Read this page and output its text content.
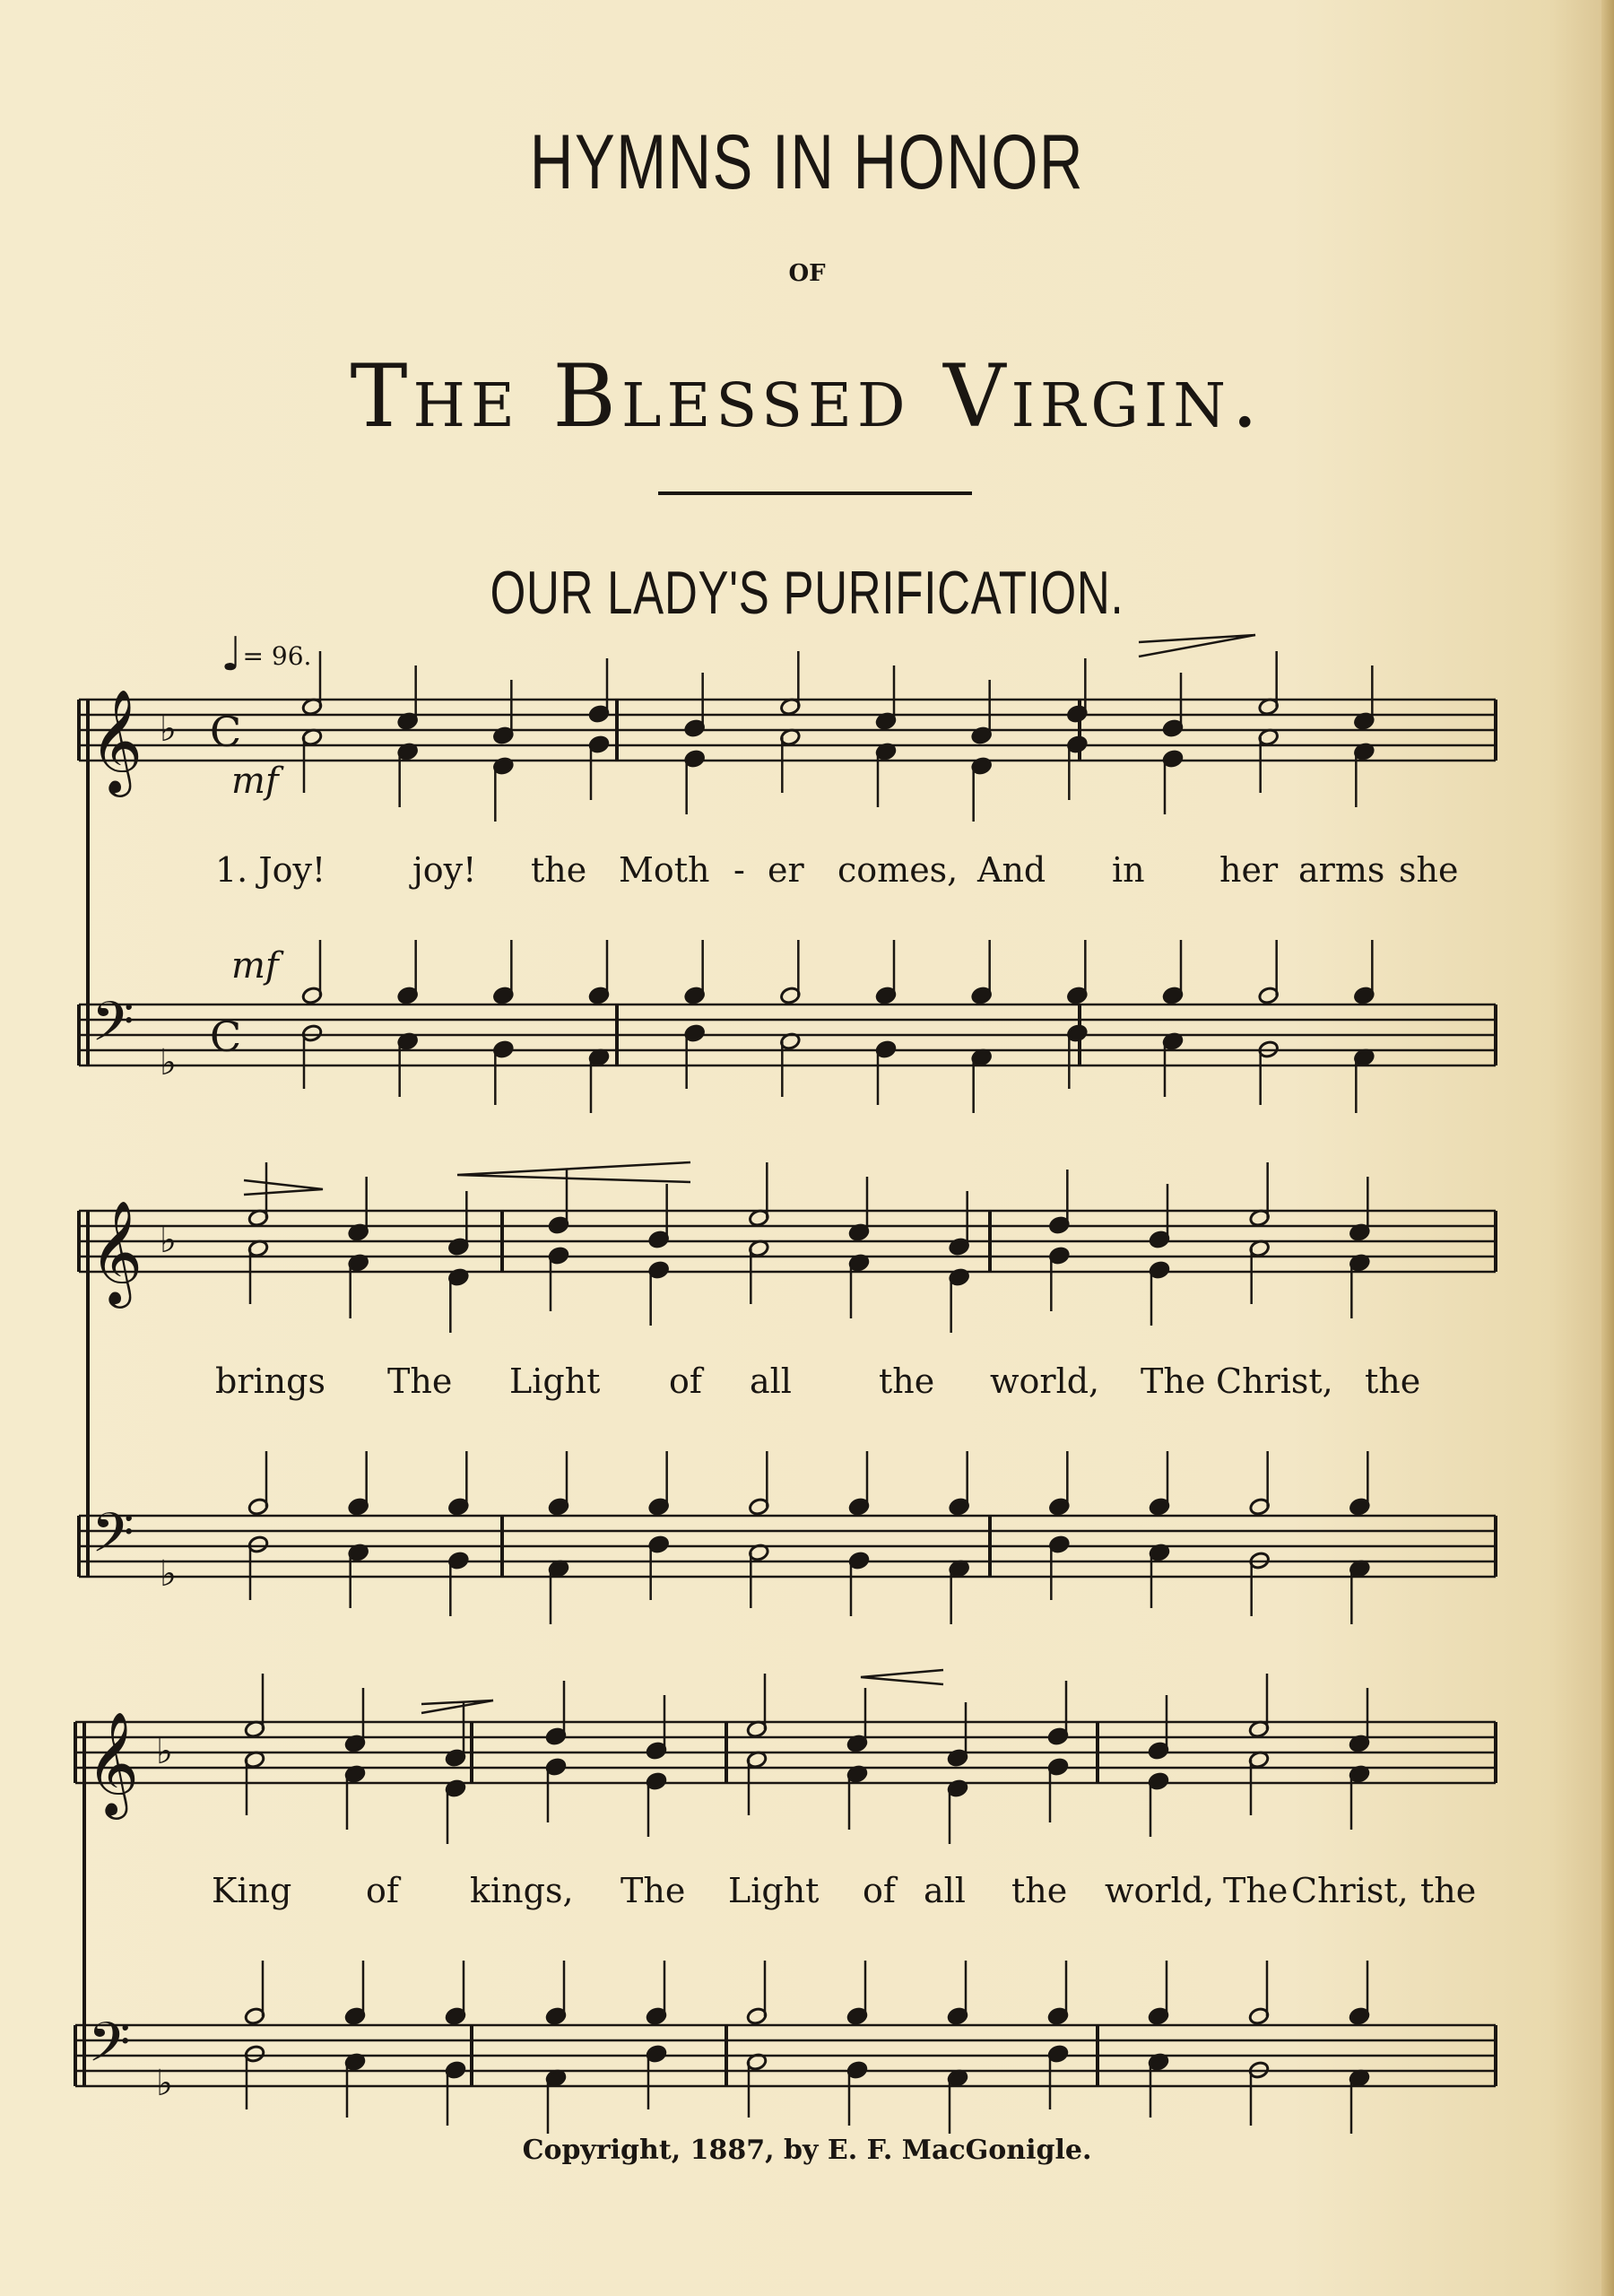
HYMNS IN HONOR
OF
The Blessed Virgin.
OUR LADY'S PURIFICATION.
♩= 96.
mf
mf
𝄞
𝄢
♭
♭
C
C
𝄞
𝄢
♭
♭
𝄞
𝄢
♭
♭
1. Joy!	joy! the Moth - er comes, And in her arms she
brings The Light of all	the world, The Christ, the
King of kings, The Light of all the world, The Christ, the
Copyright, 1887, by E. F. MacGonigle.
